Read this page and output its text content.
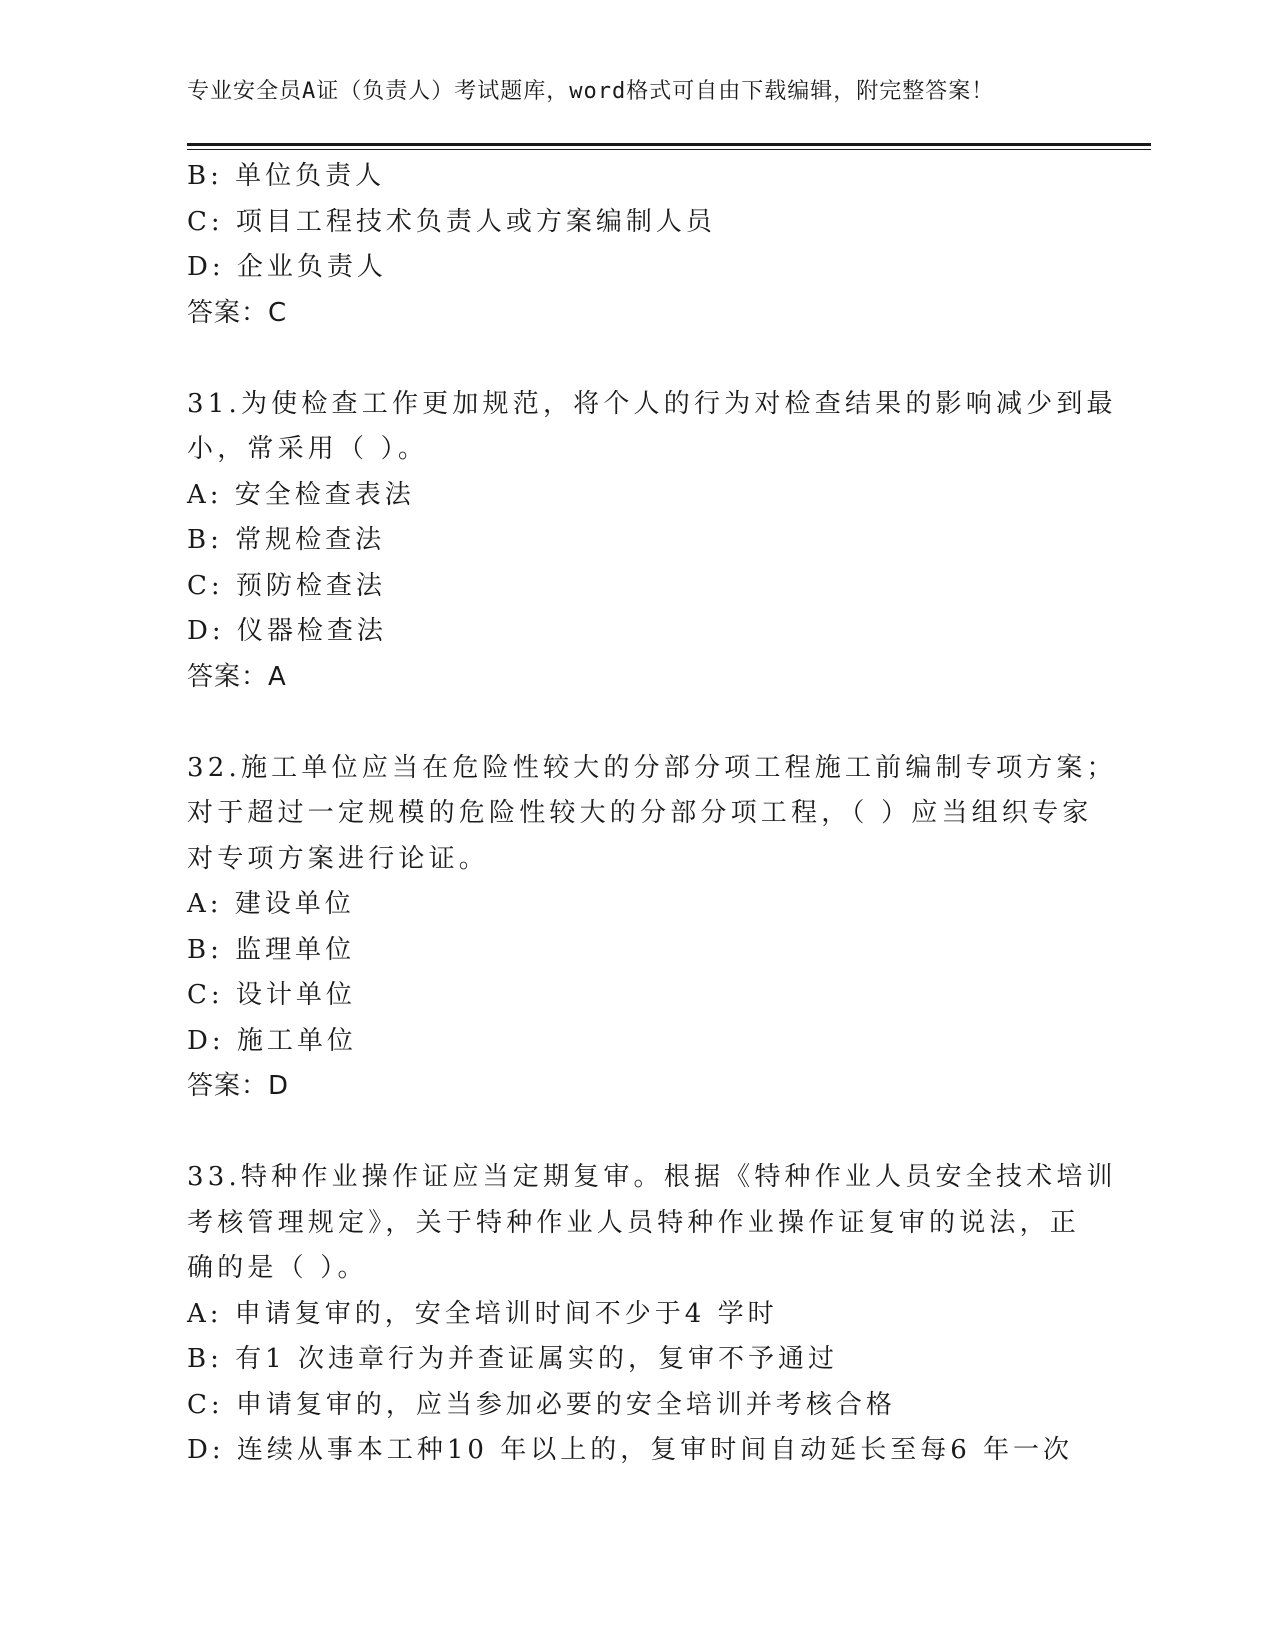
专业安全员A证（负责人）考试题库，word格式可自由下载编辑，附完整答案！
B: 单位负责人
C: 项目工程技术负责人或方案编制人员
D: 企业负责人
答案：C
31.为使检查工作更加规范，将个人的行为对检查结果的影响减少到最
小，常采用（ ）。
A: 安全检查表法
B: 常规检查法
C: 预防检查法
D: 仪器检查法
答案：A
32.施工单位应当在危险性较大的分部分项工程施工前编制专项方案；
对于超过一定规模的危险性较大的分部分项工程，（ ）应当组织专家
对专项方案进行论证。
A: 建设单位
B: 监理单位
C: 设计单位
D: 施工单位
答案：D
33.特种作业操作证应当定期复审。根据《特种作业人员安全技术培训
考核管理规定》，关于特种作业人员特种作业操作证复审的说法，正
确的是（ ）。
A: 申请复审的，安全培训时间不少于4 学时
B: 有1 次违章行为并查证属实的，复审不予通过
C: 申请复审的，应当参加必要的安全培训并考核合格
D: 连续从事本工种10 年以上的，复审时间自动延长至每6 年一次
